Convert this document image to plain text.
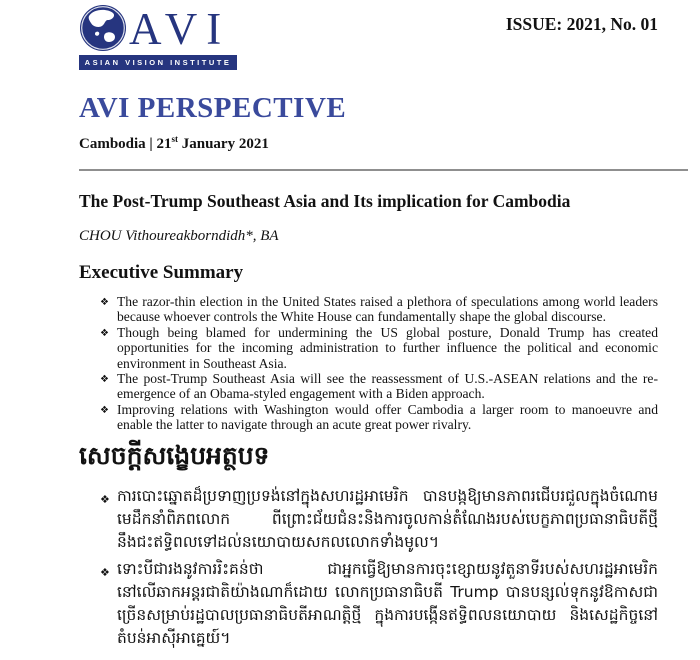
AVI
ASIAN VISION INSTITUTE
ISSUE: 2021, No. 01
AVI PERSPECTIVE
Cambodia | 21st January 2021
The Post-Trump Southeast Asia and Its implication for Cambodia
CHOU Vithoureakborndidh*, BA
Executive Summary
❖ The razor-thin election in the United States raised a plethora of speculations among world leaders because whoever controls the White House can fundamentally shape the global discourse.
❖ Though being blamed for undermining the US global posture, Donald Trump has created opportunities for the incoming administration to further influence the political and economic environment in Southeast Asia.
❖ The post-Trump Southeast Asia will see the reassessment of U.S.-ASEAN relations and the re-emergence of an Obama-styled engagement with a Biden approach.
❖ Improving relations with Washington would offer Cambodia a larger room to manoeuvre and enable the latter to navigate through an acute great power rivalry.
សេចក្ដីសង្ខេបអត្ថបទ
❖ ការបោះឆ្នោតដ៏ប្រទាញប្រទង់នៅក្នុងសហរដ្ឋអាមេរិក បានបង្កឱ្យមានភាពរជើបរជួលក្នុងចំណោមមេដឹកនាំពិភពលោក ពីព្រោះជ័យជំនះនិងការចូលកាន់តំណែងរបស់បេក្ខភាពប្រធានាធិបតីថ្មី នឹងជះឥទ្ធិពលទៅដល់នយោបាយសកលលោកទាំងមូល។
❖ ទោះបីជារងនូវការរិះគន់ថា ជាអ្នកធ្វើឱ្យមានការចុះខ្សោយនូវតួនាទីរបស់សហរដ្ឋអាមេរិកនៅលើឆាកអន្តរជាតិយ៉ាងណាក៏ដោយ លោកប្រធានាធិបតី Trump បានបន្សល់ទុកនូវឱកាសជាច្រើនសម្រាប់រដ្ឋបាលប្រធានាធិបតីអាណត្តិថ្មី ក្នុងការបង្កើនឥទ្ធិពលនយោបាយ និងសេដ្ឋកិច្ចនៅតំបន់អាស៊ីអាគ្នេយ៍។
